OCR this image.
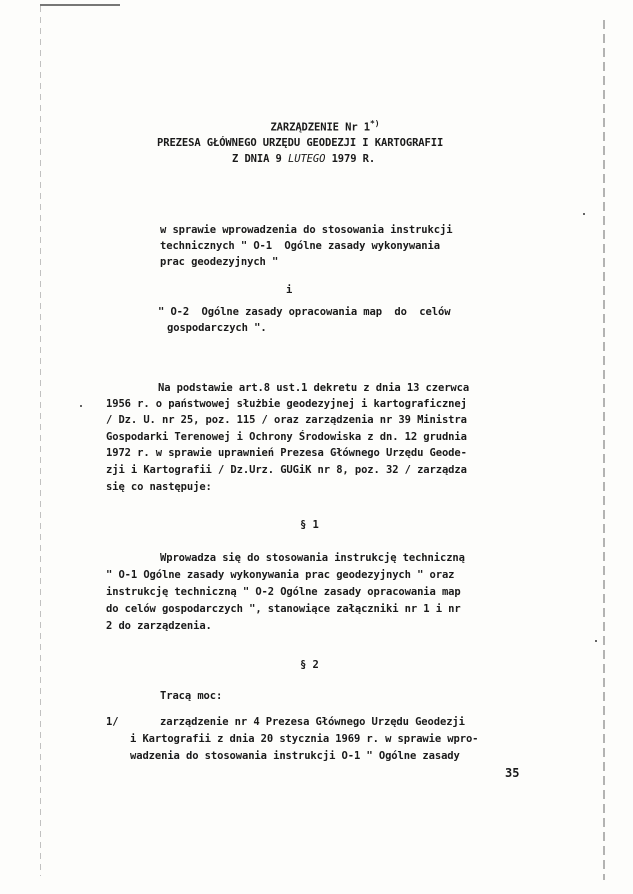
ZARZĄDZENIE Nr 1*)

PREZESA GŁÓWNEGO URZĘDU GEODEZJI I KARTOGRAFII
Z DNIA 9 LUTEGO 1979 R.
w sprawie wprowadzenia do stosowania instrukcji
technicznych " O-1  Ogólne zasady wykonywania
prac geodezyjnych "
i
" O-2  Ogólne zasady opracowania map  do  celów
gospodarczych ".
Na podstawie art.8 ust.1 dekretu z dnia 13 czerwca
1956 r. o państwowej służbie geodezyjnej i kartograficznej
/ Dz. U. nr 25, poz. 115 / oraz zarządzenia nr 39 Ministra
Gospodarki Terenowej i Ochrony Środowiska z dn. 12 grudnia
1972 r. w sprawie uprawnień Prezesa Głównego Urzędu Geode-
zji i Kartografii / Dz.Urz. GUGiK nr 8, poz. 32 / zarządza
się co następuje:
§ 1
Wprowadza się do stosowania instrukcję techniczną
" O-1 Ogólne zasady wykonywania prac geodezyjnych " oraz
instrukcję techniczną " O-2 Ogólne zasady opracowania map
do celów gospodarczych ", stanowiące załączniki nr 1 i nr
2 do zarządzenia.
§ 2
Tracą moc:
1/	zarządzenie nr 4 Prezesa Głównego Urzędu Geodezji
i Kartografii z dnia 20 stycznia 1969 r. w sprawie wpro-
wadzenia do stosowania instrukcji O-1 " Ogólne zasady
35
